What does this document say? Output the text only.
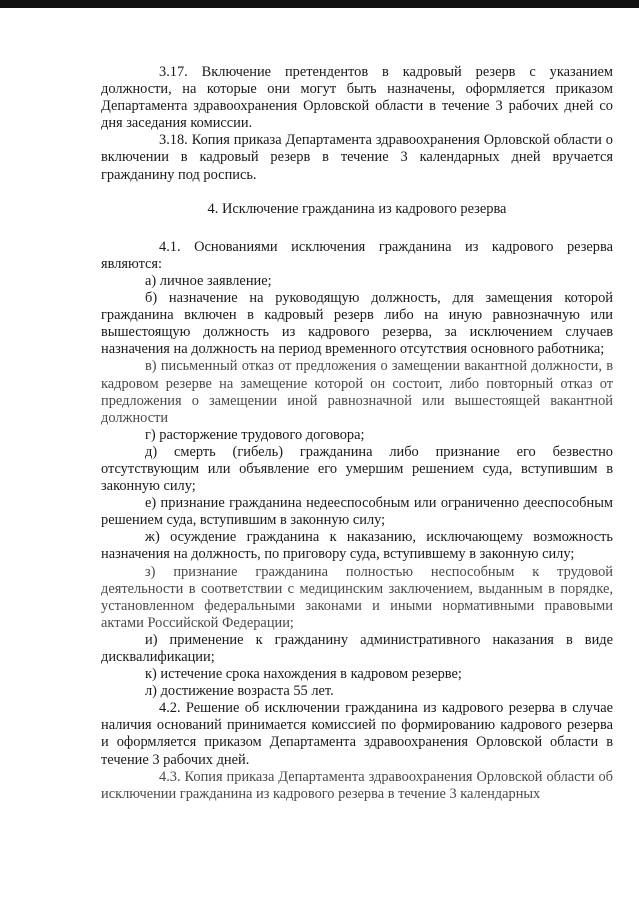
3.17. Включение претендентов в кадровый резерв с указанием должности, на которые они могут быть назначены, оформляется приказом Департамента здравоохранения Орловской области в течение 3 рабочих дней со дня заседания комиссии.

3.18. Копия приказа Департамента здравоохранения Орловской области о включении в кадровый резерв в течение 3 календарных дней вручается гражданину под роспись.

4. Исключение гражданина из кадрового резерва

4.1. Основаниями исключения гражданина из кадрового резерва являются:

а) личное заявление;

б) назначение на руководящую должность, для замещения которой гражданина включен в кадровый резерв либо на иную равнозначную или вышестоящую должность из кадрового резерва, за исключением случаев назначения на должность на период временного отсутствия основного работника;

в) письменный отказ от предложения о замещении вакантной должности, в кадровом резерве на замещение которой он состоит, либо повторный отказ от предложения о замещении иной равнозначной или вышестоящей вакантной должности

г) расторжение трудового договора;

д) смерть (гибель) гражданина либо признание его безвестно отсутствующим или объявление его умершим решением суда, вступившим в законную силу;

е) признание гражданина недееспособным или ограниченно дееспособным решением суда, вступившим в законную силу;

ж) осуждение гражданина к наказанию, исключающему возможность назначения на должность, по приговору суда, вступившему в законную силу;

з) признание гражданина полностью неспособным к трудовой деятельности в соответствии с медицинским заключением, выданным в порядке, установленном федеральными законами и иными нормативными правовыми актами Российской Федерации;

и) применение к гражданину административного наказания в виде дисквалификации;

к) истечение срока нахождения в кадровом резерве;

л) достижение возраста 55 лет.

4.2. Решение об исключении гражданина из кадрового резерва в случае наличия оснований принимается комиссией по формированию кадрового резерва и оформляется приказом Департамента здравоохранения Орловской области в течение 3 рабочих дней.

4.3. Копия приказа Департамента здравоохранения Орловской области об исключении гражданина из кадрового резерва в течение 3 календарных
